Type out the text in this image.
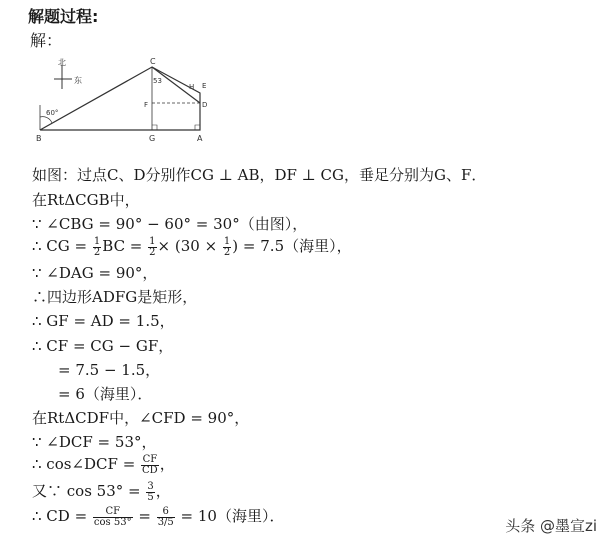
解题过程:
解：
北
东
C
53
H E
F	D
60°
B	G	A
如图：过点C、D分别作CG ⊥ AB，DF ⊥ CG，垂足分别为G、F．
在RtΔCGB中，
∵ ∠CBG = 90° − 60° = 30°（由图），
∴ CG = $\frac{1}{2}$ BC = $\frac{1}{2} \times (30 \times \frac{1}{2}$ ) = 7.5（海里），
∵ ∠DAG = 90°，
∴四边形ADFG是矩形，
∴ GF = AD = 1.5，
∴ CF = CG − GF，
= 7.5 − 1.5，
= 6（海里）．
在RtΔCDF中，∠CFD = 90°，
∵ ∠DCF = 53°，
∴ cos∠DCF = $\frac{CF}{CD}$ ，
又∵ $\cos 53^\circ = \frac{3}{5}$ ，
∴ CD = $\frac{CF}{\cos 53^\circ} = \frac{6}{3/5} = 10$（海里）．
头条 @墨宣zi
